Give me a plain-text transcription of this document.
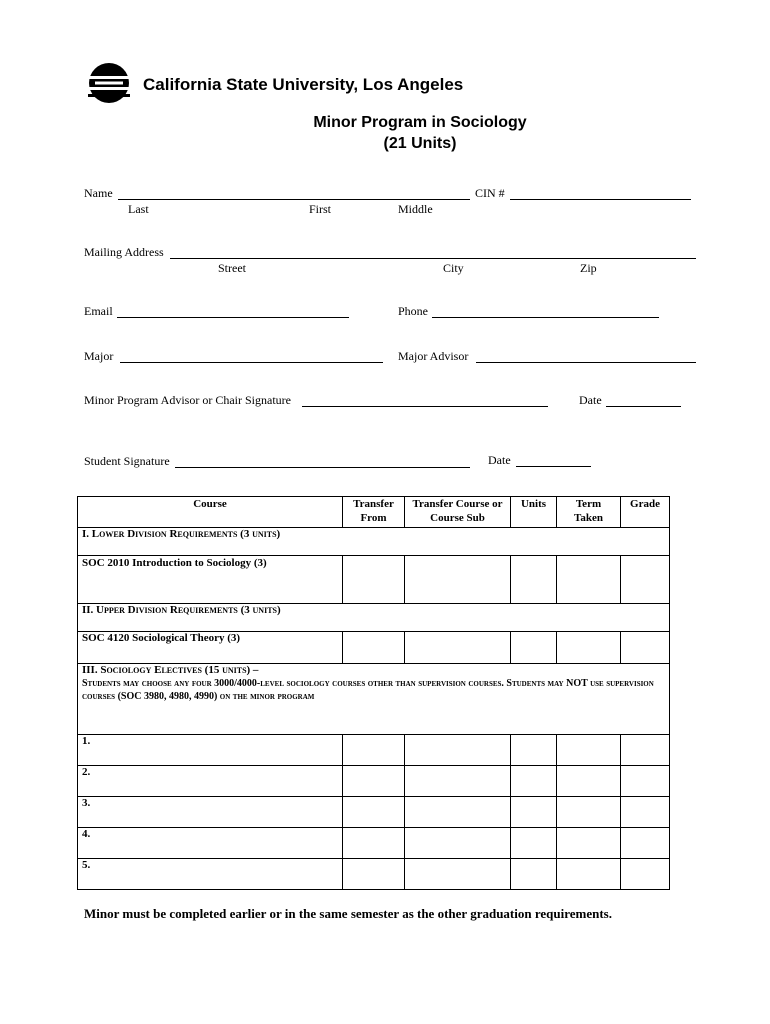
California State University, Los Angeles
Minor Program in Sociology
(21 Units)
Name	CIN #
Last	First	Middle
Mailing Address
Street	City	Zip
Email	Phone
Major	Major Advisor
Minor Program Advisor or Chair Signature	Date
Student Signature	Date
Course	Transfer From	Transfer Course or Course Sub	Units	Term Taken	Grade
I. Lower Division Requirements (3 units)					
SOC 2010 Introduction to Sociology (3)					
II. Upper Division Requirements (3 units)					
SOC 4120 Sociological Theory (3)					

III. Sociology Electives (15 units) –
Students may choose any four 3000/4000-level sociology courses other than supervision courses. Students may NOT use supervision courses (SOC 3980, 4980, 4990) on the minor program					

1.					
2.					
3.					
4.					
5.					
Minor must be completed earlier or in the same semester as the other graduation requirements.
